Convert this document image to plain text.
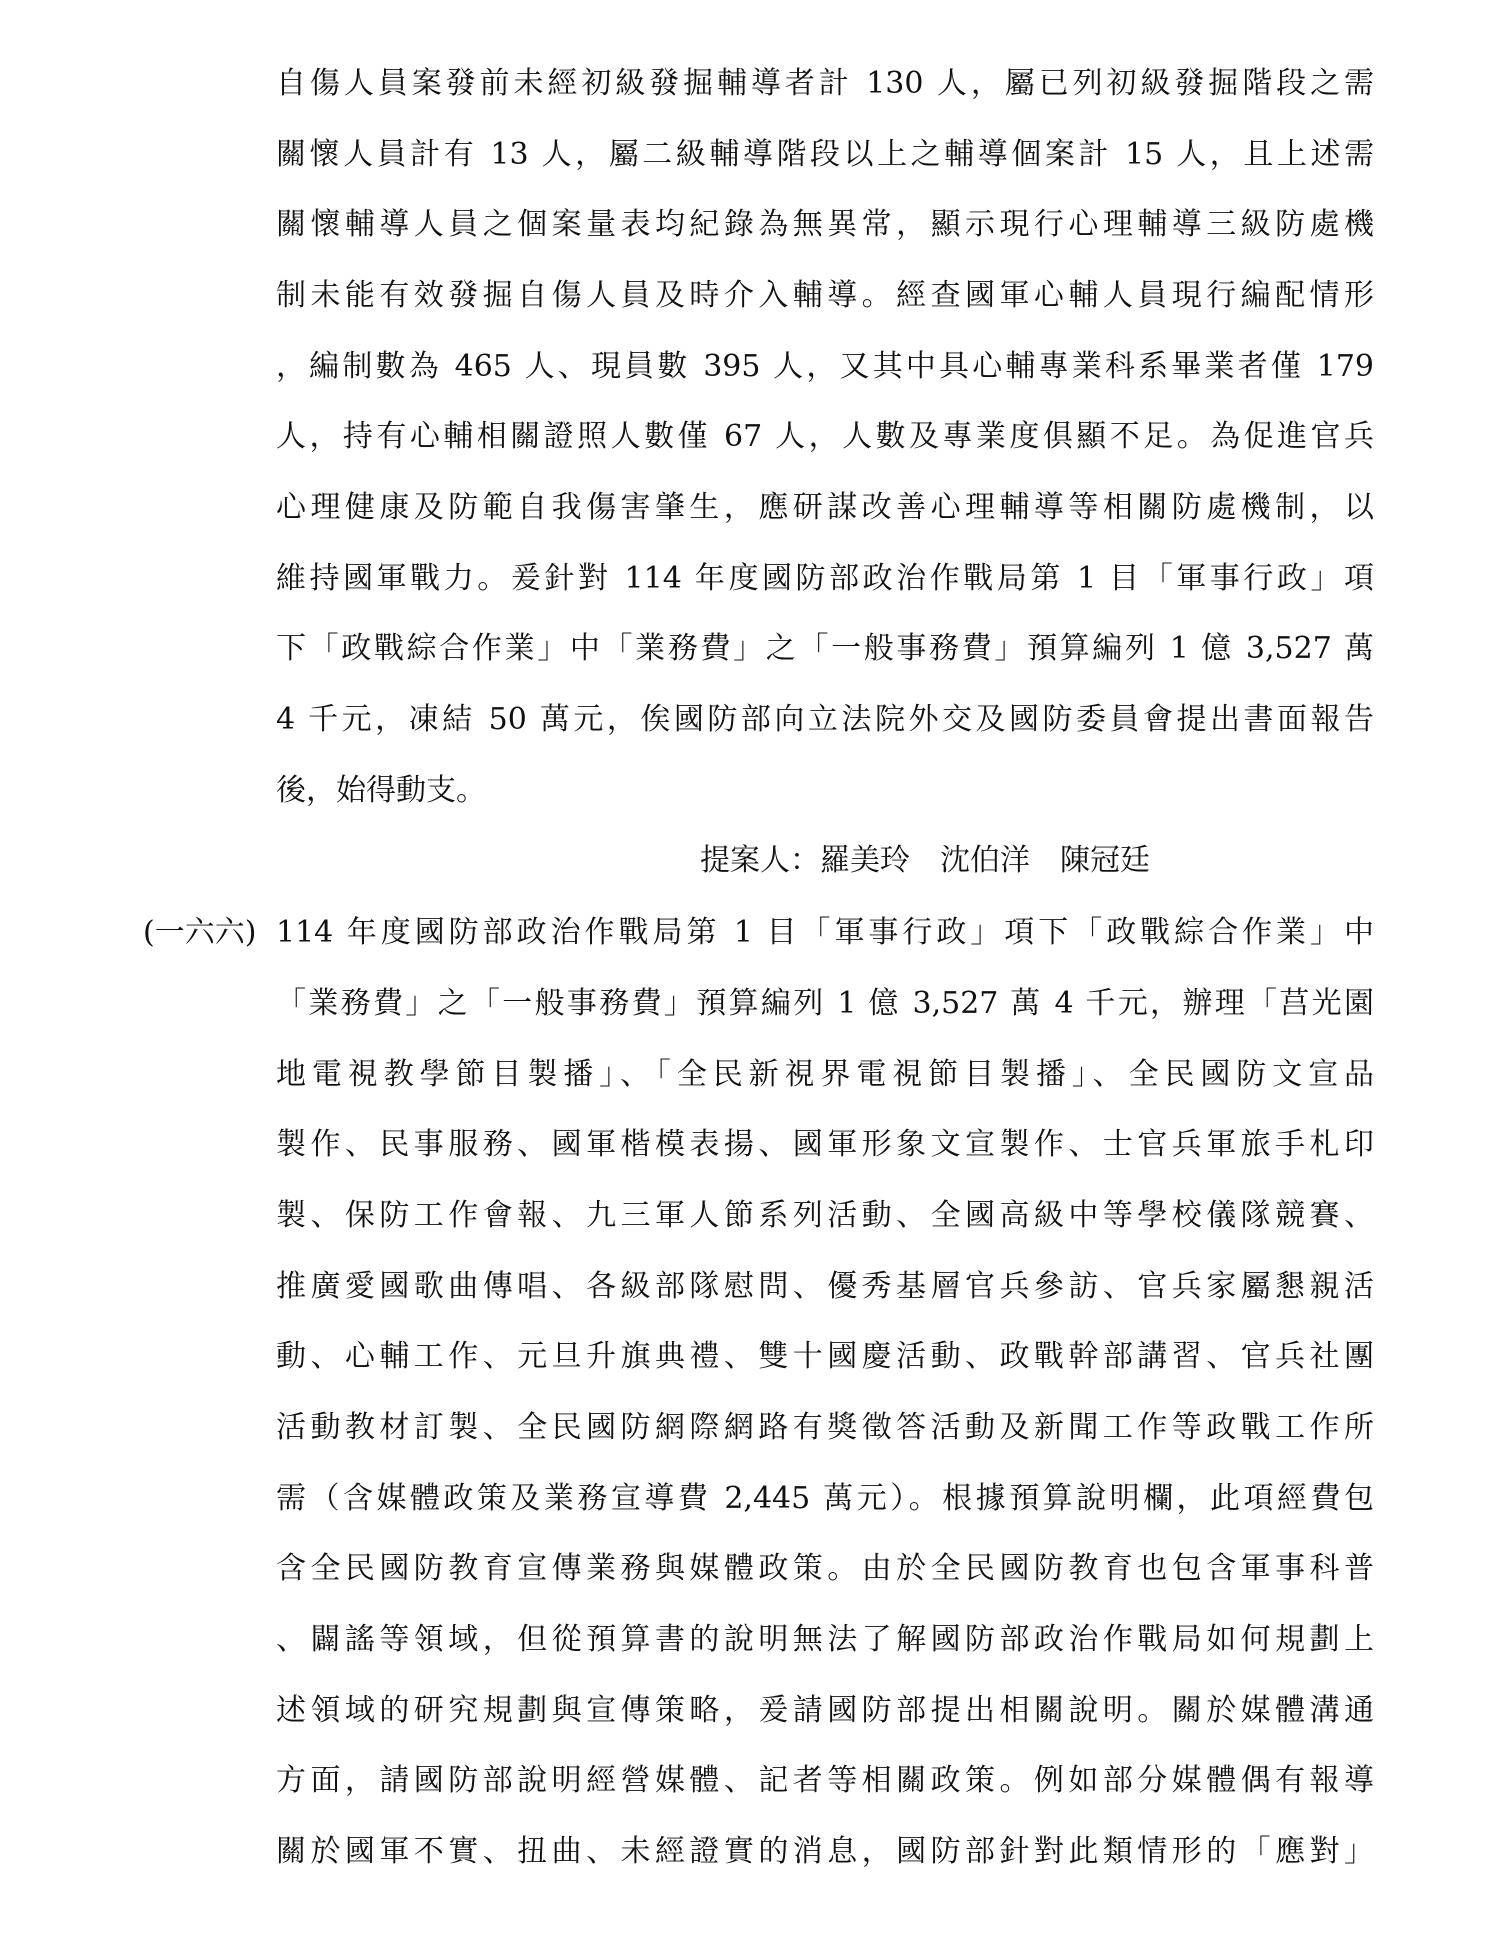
自傷人員案發前未經初級發掘輔導者計 130 人，屬已列初級發掘階段之需
關懷人員計有 13 人，屬二級輔導階段以上之輔導個案計 15 人，且上述需
關懷輔導人員之個案量表均紀錄為無異常，顯示現行心理輔導三級防處機
制未能有效發掘自傷人員及時介入輔導。經查國軍心輔人員現行編配情形
，編制數為 465 人、現員數 395 人，又其中具心輔專業科系畢業者僅 179
人，持有心輔相關證照人數僅 67 人，人數及專業度俱顯不足。為促進官兵
心理健康及防範自我傷害肇生，應研謀改善心理輔導等相關防處機制，以
維持國軍戰力。爰針對 114 年度國防部政治作戰局第 1 目「軍事行政」項
下「政戰綜合作業」中「業務費」之「一般事務費」預算編列 1 億 3,527 萬
4 千元，凍結 50 萬元，俟國防部向立法院外交及國防委員會提出書面報告
後，始得動支。
提案人：羅美玲　沈伯洋　陳冠廷
(一六六) 114 年度國防部政治作戰局第 1 目「軍事行政」項下「政戰綜合作業」中
「業務費」之「一般事務費」預算編列 1 億 3,527 萬 4 千元，辦理「莒光園
地電視教學節目製播」、「全民新視界電視節目製播」、全民國防文宣品
製作、民事服務、國軍楷模表揚、國軍形象文宣製作、士官兵軍旅手札印
製、保防工作會報、九三軍人節系列活動、全國高級中等學校儀隊競賽、
推廣愛國歌曲傳唱、各級部隊慰問、優秀基層官兵參訪、官兵家屬懇親活
動、心輔工作、元旦升旗典禮、雙十國慶活動、政戰幹部講習、官兵社團
活動教材訂製、全民國防網際網路有獎徵答活動及新聞工作等政戰工作所
需（含媒體政策及業務宣導費 2,445 萬元）。根據預算說明欄，此項經費包
含全民國防教育宣傳業務與媒體政策。由於全民國防教育也包含軍事科普
、闢謠等領域，但從預算書的說明無法了解國防部政治作戰局如何規劃上
述領域的研究規劃與宣傳策略，爰請國防部提出相關說明。關於媒體溝通
方面，請國防部說明經營媒體、記者等相關政策。例如部分媒體偶有報導
關於國軍不實、扭曲、未經證實的消息，國防部針對此類情形的「應對」
